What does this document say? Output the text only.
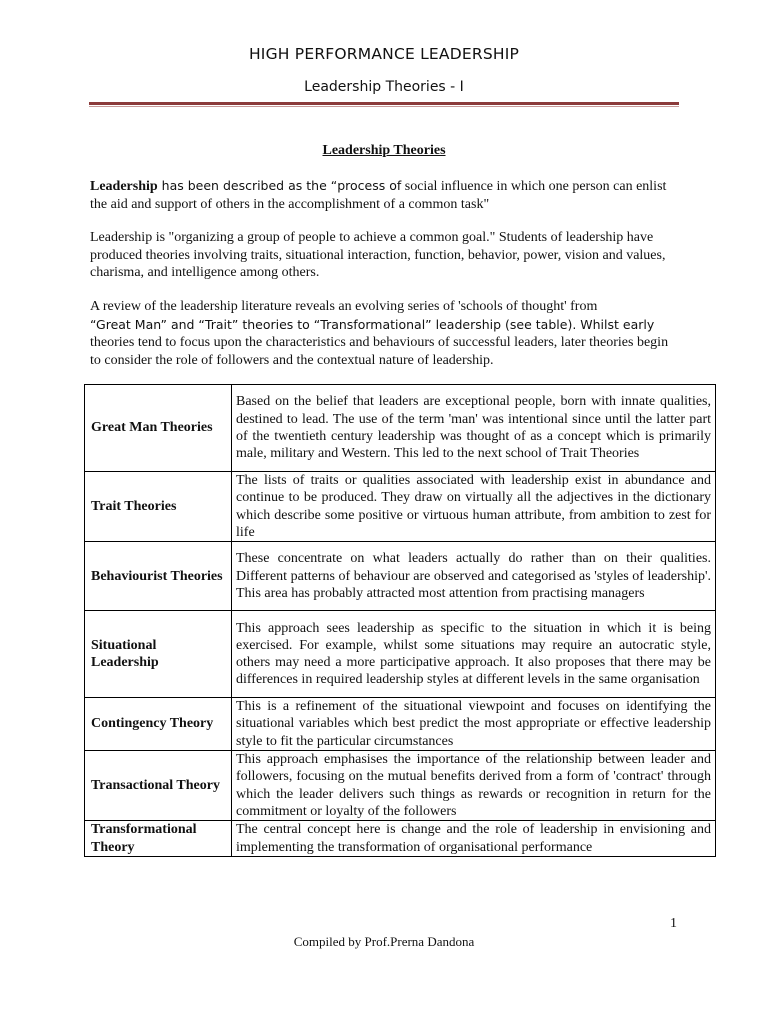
HIGH PERFORMANCE LEADERSHIP
Leadership Theories - I
Leadership Theories
Leadership has been described as the “process of social influence in which one person can enlist the aid and support of others in the accomplishment of a common task"
Leadership is "organizing a group of people to achieve a common goal." Students of leadership have produced theories involving traits, situational interaction, function, behavior, power, vision and values, charisma, and intelligence among others.
A review of the leadership literature reveals an evolving series of 'schools of thought' from
“Great Man” and “Trait” theories to “Transformational” leadership (see table). Whilst early
theories tend to focus upon the characteristics and behaviours of successful leaders, later theories begin to consider the role of followers and the contextual nature of leadership.
Great Man Theories	Based on the belief that leaders are exceptional people, born with innate qualities, destined to lead. The use of the term 'man' was intentional since until the latter part of the twentieth century leadership was thought of as a concept which is primarily male, military and Western. This led to the next school of Trait Theories
Trait Theories	The lists of traits or qualities associated with leadership exist in abundance and continue to be produced. They draw on virtually all the adjectives in the dictionary which describe some positive or virtuous human attribute, from ambition to zest for life
Behaviourist Theories	These concentrate on what leaders actually do rather than on their qualities. Different patterns of behaviour are observed and categorised as 'styles of leadership'. This area has probably attracted most attention from practising managers
Situational Leadership	This approach sees leadership as specific to the situation in which it is being exercised. For example, whilst some situations may require an autocratic style, others may need a more participative approach. It also proposes that there may be differences in required leadership styles at different levels in the same organisation
Contingency Theory	This is a refinement of the situational viewpoint and focuses on identifying the situational variables which best predict the most appropriate or effective leadership style to fit the particular circumstances
Transactional Theory	This approach emphasises the importance of the relationship between leader and followers, focusing on the mutual benefits derived from a form of 'contract' through which the leader delivers such things as rewards or recognition in return for the commitment or loyalty of the followers
Transformational Theory	The central concept here is change and the role of leadership in envisioning and implementing the transformation of organisational performance
1
Compiled by Prof.Prerna Dandona
